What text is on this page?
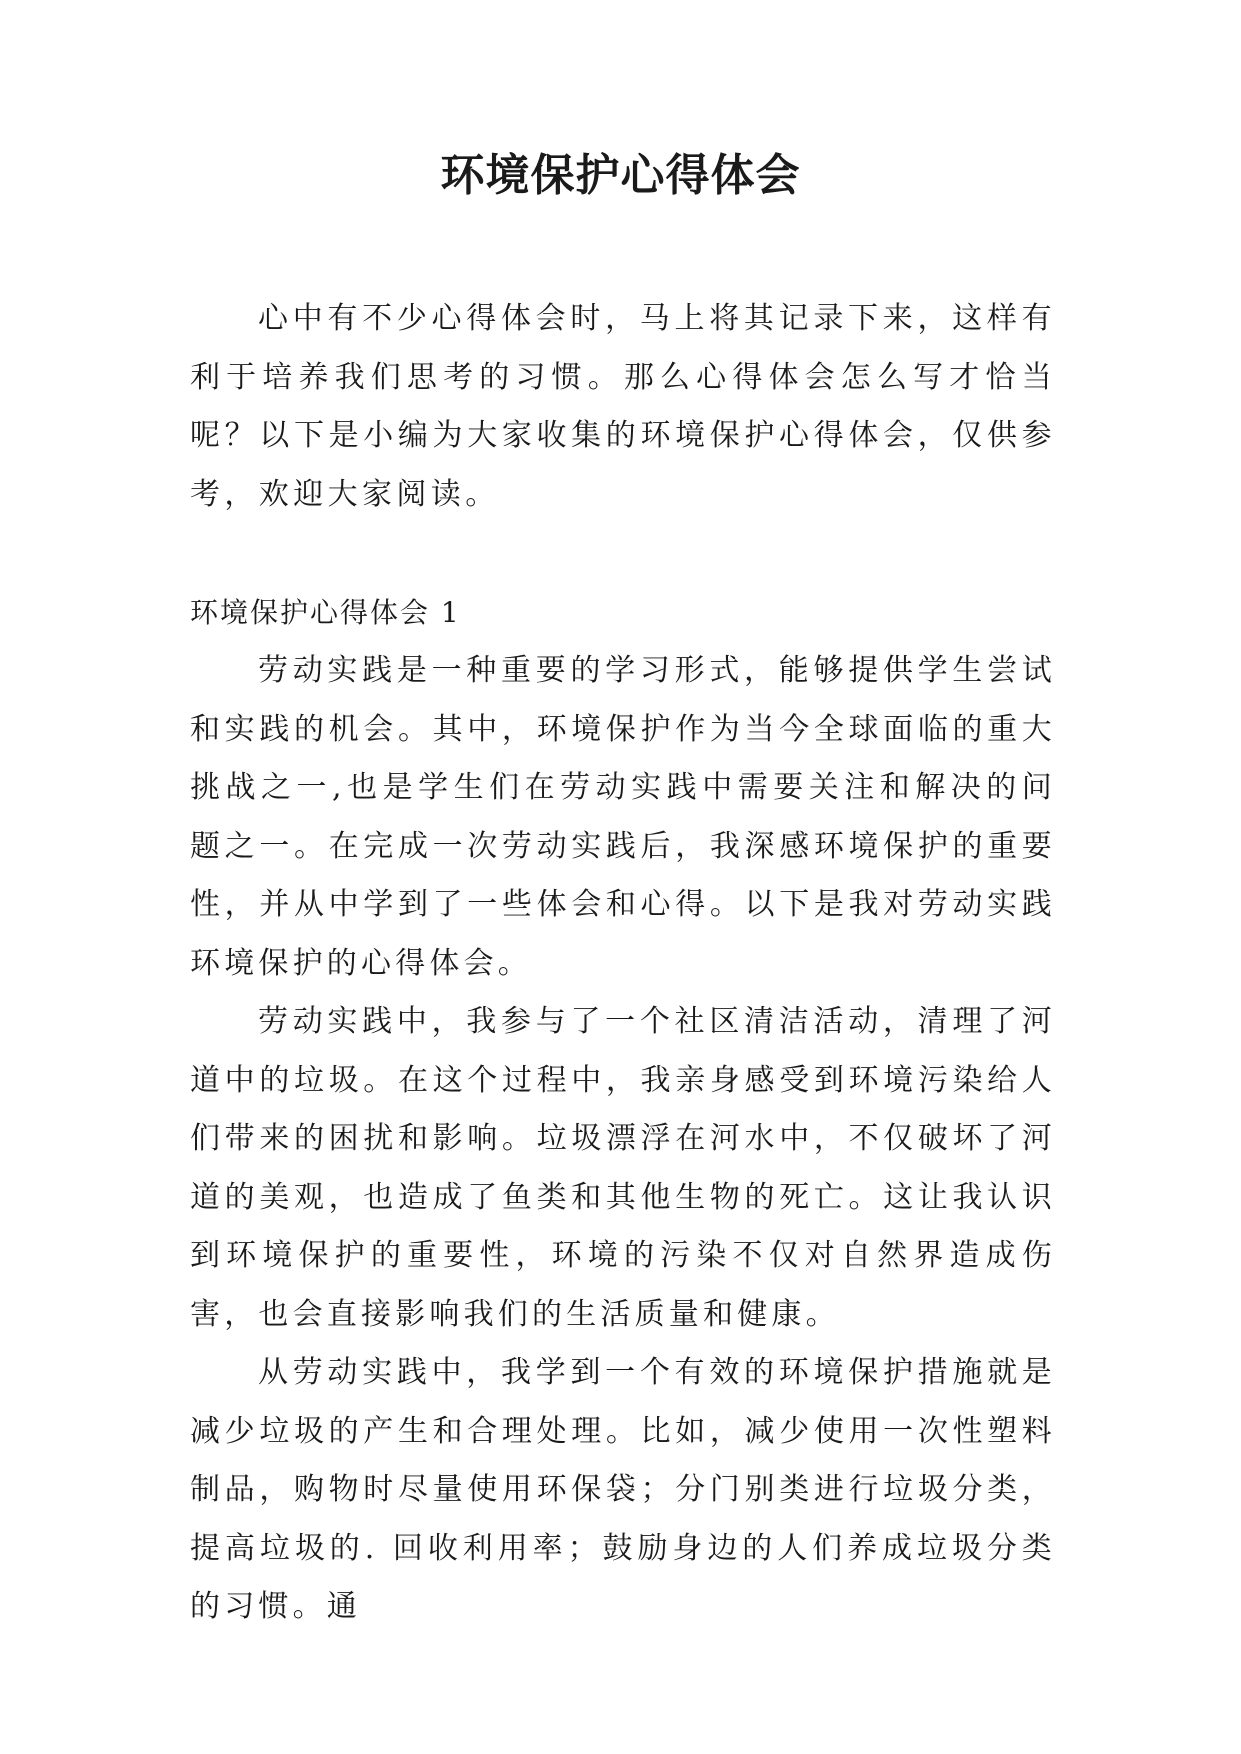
环境保护心得体会

心中有不少心得体会时，马上将其记录下来，这样有利于培养我们思考的习惯。那么心得体会怎么写才恰当呢？以下是小编为大家收集的环境保护心得体会，仅供参考，欢迎大家阅读。

环境保护心得体会 1

劳动实践是一种重要的学习形式，能够提供学生尝试和实践的机会。其中，环境保护作为当今全球面临的重大挑战之一,也是学生们在劳动实践中需要关注和解决的问题之一。在完成一次劳动实践后，我深感环境保护的重要性，并从中学到了一些体会和心得。以下是我对劳动实践环境保护的心得体会。

劳动实践中，我参与了一个社区清洁活动，清理了河道中的垃圾。在这个过程中，我亲身感受到环境污染给人们带来的困扰和影响。垃圾漂浮在河水中，不仅破坏了河道的美观，也造成了鱼类和其他生物的死亡。这让我认识到环境保护的重要性，环境的污染不仅对自然界造成伤害，也会直接影响我们的生活质量和健康。

从劳动实践中，我学到一个有效的环境保护措施就是减少垃圾的产生和合理处理。比如，减少使用一次性塑料制品，购物时尽量使用环保袋；分门别类进行垃圾分类，提高垃圾的. 回收利用率；鼓励身边的人们养成垃圾分类的习惯。通
